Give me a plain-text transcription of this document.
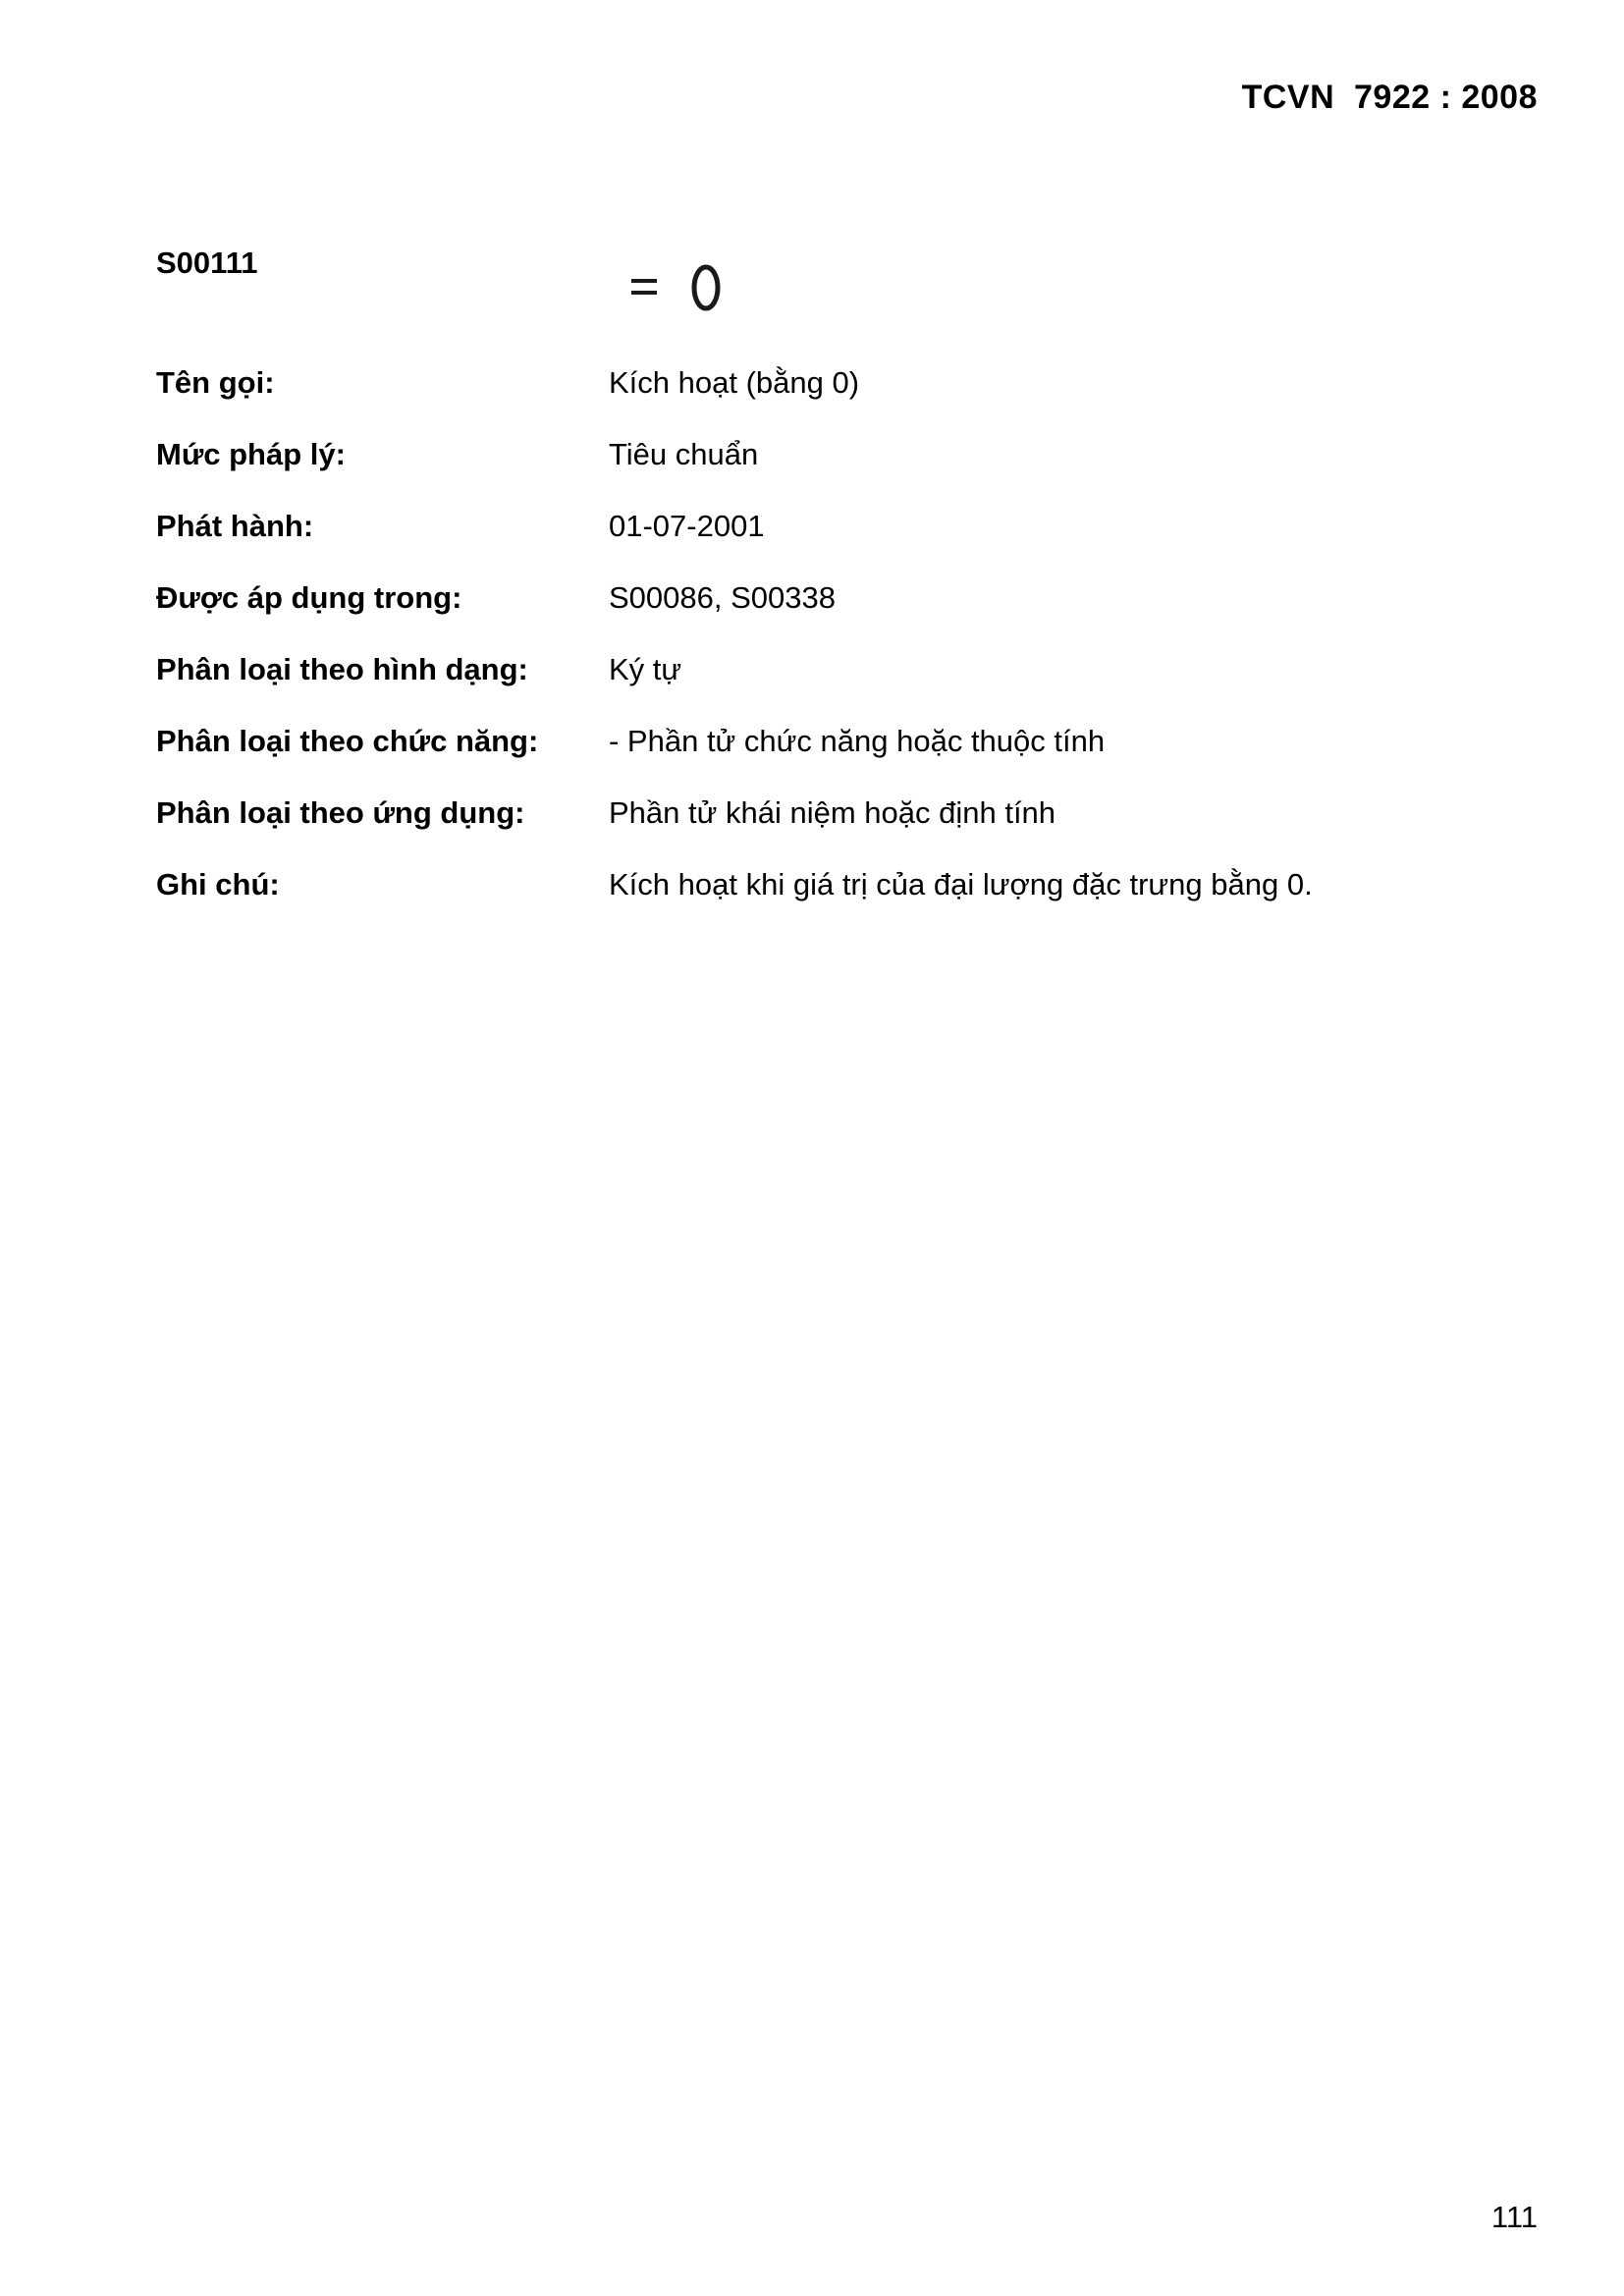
TCVN  7922 : 2008
S00111
Tên gọi:	Kích hoạt (bằng 0)
Mức pháp lý:	Tiêu chuẩn
Phát hành:	01-07-2001
Được áp dụng trong:	S00086, S00338
Phân loại theo hình dạng:	Ký tự
Phân loại theo chức năng:	- Phần tử chức năng hoặc thuộc tính
Phân loại theo ứng dụng:	Phần tử khái niệm hoặc định tính
Ghi chú:	Kích hoạt khi giá trị của đại lượng đặc trưng bằng 0.
111
